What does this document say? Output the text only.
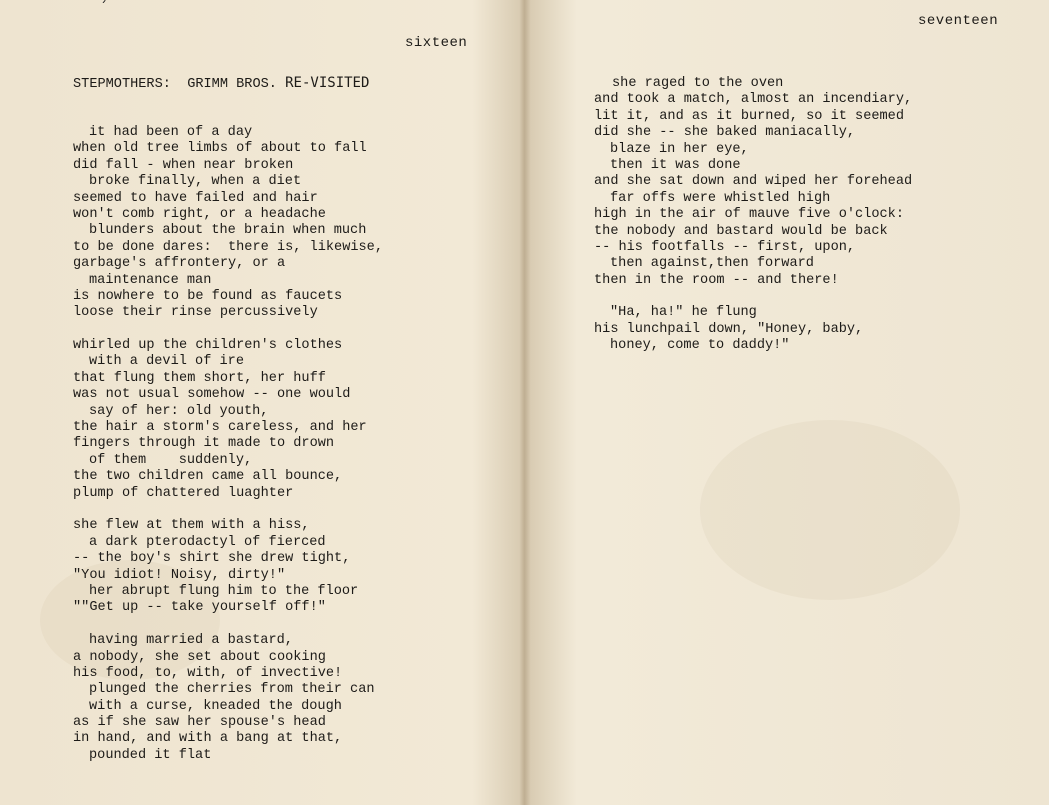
ˊ
sixteen
STEPMOTHERS:  GRIMM BROS. RE-VISITED
it had been of a day
when old tree limbs of about to fall
did fall - when near broken
broke finally, when a diet
seemed to have failed and hair
won't comb right, or a headache
blunders about the brain when much
to be done dares:  there is, likewise,
garbage's affrontery, or a
maintenance man
is nowhere to be found as faucets
loose their rinse percussively
whirled up the children's clothes
with a devil of ire
that flung them short, her huff
was not usual somehow -- one would
say of her: old youth,
the hair a storm's careless, and her
fingers through it made to drown
of them    suddenly,
the two children came all bounce,
plump of chattered luaghter
she flew at them with a hiss,
a dark pterodactyl of fierced
-- the boy's shirt she drew tight,
"You idiot! Noisy, dirty!"
her abrupt flung him to the floor
""Get up -- take yourself off!"
having married a bastard,
a nobody, she set about cooking
his food, to, with, of invective!
plunged the cherries from their can
with a curse, kneaded the dough
as if she saw her spouse's head
in hand, and with a bang at that,
pounded it flat
seventeen
she raged to the oven
and took a match, almost an incendiary,
lit it, and as it burned, so it seemed
did she -- she baked maniacally,
blaze in her eye,
then it was done
and she sat down and wiped her forehead
far offs were whistled high
high in the air of mauve five o'clock:
the nobody and bastard would be back
-- his footfalls -- first, upon,
then against,then forward
then in the room -- and there!
"Ha, ha!" he flung
his lunchpail down, "Honey, baby,
honey, come to daddy!"
